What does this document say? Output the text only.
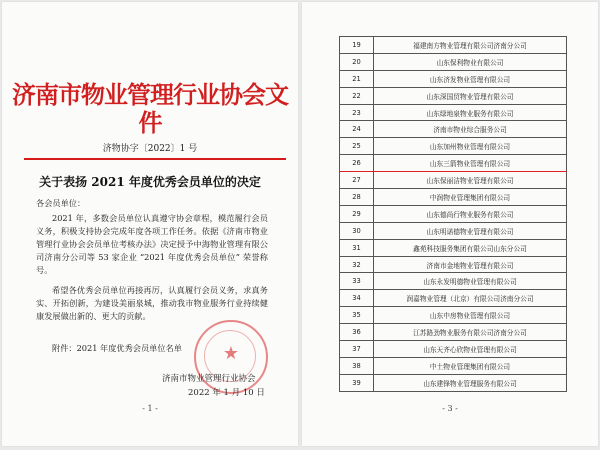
济南市物业管理行业协会文件
济物协字〔2022〕1 号
关于表扬 2021 年度优秀会员单位的决定
各会员单位：
2021 年，多数会员单位认真遵守协会章程，模范履行会员义务，积极支持协会完成年度各项工作任务。依据《济南市物业管理行业协会会员单位考核办法》决定授予中海物业管理有限公司济南分公司等 53 家企业 “2021 年度优秀会员单位” 荣誉称号。
希望各优秀会员单位再接再厉，认真履行会员义务，求真务实、开拓创新，为建设美丽泉城，推动我市物业服务行业持续健康发展做出新的、更大的贡献。
附件：2021 年度优秀会员单位名单	★
济南市物业管理行业协会
2022 年 1 月 10 日
- 1 -
19	福建南方物业管理有限公司济南分公司
20	山东保利物业有限公司
21	山东济发物业管理有限公司
22	山东深国贸物业管理有限公司
23	山东绿地泉物业服务有限公司
24	济南市物业综合服务公司
25	山东加州物业管理有限公司
26	山东三箭物业管理有限公司
27	山东保丽洁物业管理有限公司
28	中润物业管理集团有限公司
29	山东德尚行物业服务有限公司
30	山东明诺德物业管理有限公司
31	鑫苑科技服务集团有限公司山东分公司
32	济南市金地物业管理有限公司
33	山东永发明德物业管理有限公司
34	润嘉物业管理（北京）有限公司济南分公司
35	山东中房物业管理有限公司
36	江苏路劲物业服务有限公司济南分公司
37	山东天齐心欣物业管理有限公司
38	中土物业管理集团有限公司
39	山东建锋物业管理服务有限公司
- 3 -
